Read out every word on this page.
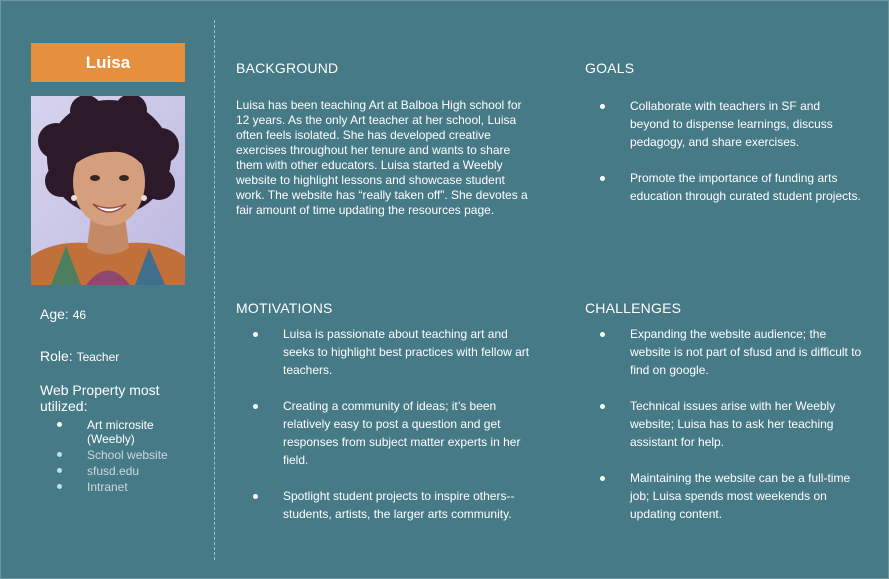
Luisa
Age: 46
Role: Teacher
Web Property most utilized:
Art microsite (Weebly)
School website
sfusd.edu
Intranet
BACKGROUND
Luisa has been teaching Art at Balboa High school for 12 years. As the only Art teacher at her school, Luisa often feels isolated. She has developed creative exercises throughout her tenure and wants to share them with other educators. Luisa started a Weebly website to highlight lessons and showcase student work. The website has “really taken off”. She devotes a fair amount of time updating the resources page.
GOALS
Collaborate with teachers in SF and beyond to dispense learnings, discuss pedagogy, and share exercises.
Promote the importance of funding arts education through curated student projects.
MOTIVATIONS
Luisa is passionate about teaching art and seeks to highlight best practices with fellow art teachers.
Creating a community of ideas; it’s been relatively easy to post a question and get responses from subject matter experts in her field.
Spotlight student projects to inspire others--students, artists, the larger arts community.
CHALLENGES
Expanding the website audience; the website is not part of sfusd and is difficult to find on google.
Technical issues arise with her Weebly website; Luisa has to ask her teaching assistant for help.
Maintaining the website can be a full-time job; Luisa spends most weekends on updating content.
